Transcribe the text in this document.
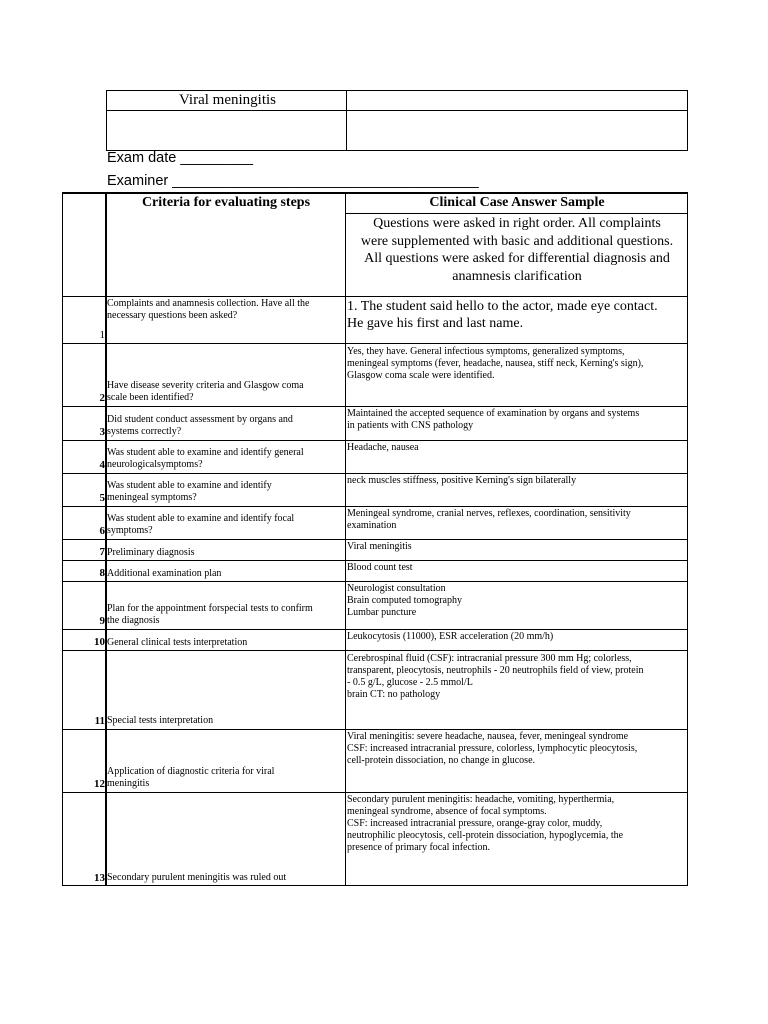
Viral meningitis
Exam date _________
Examiner ______________________________________
Criteria for evaluating steps	Clinical Case Answer Sample
Questions were asked in right order. All complaints
were supplemented with basic and additional questions.
All questions were asked for differential diagnosis and
anamnesis clarification
1
Complaints and anamnesis collection. Have all the
necessary questions been asked?
1. The student said hello to the actor, made eye contact.
He gave his first and last name.
2
Have disease severity criteria and Glasgow coma
scale been identified?
Yes, they have. General infectious symptoms, generalized symptoms,
meningeal symptoms (fever, headache, nausea, stiff neck, Kerning's sign),
Glasgow coma scale were identified.
3
Did student conduct assessment by organs and
systems correctly?
Maintained the accepted sequence of examination by organs and systems
in patients with CNS pathology
4
Was student able to examine and identify general
neurologicalsymptoms?
Headache, nausea
5
Was student able to examine and identify
meningeal symptoms?
neck muscles stiffness, positive Kerning's sign bilaterally
6
Was student able to examine and identify focal
symptoms?
Meningeal syndrome, cranial nerves, reflexes, coordination, sensitivity
examination
7 Preliminary diagnosis
Viral meningitis
8 Additional examination plan
Blood count test
9
Plan for the appointment forspecial tests to confirm
the diagnosis
Neurologist consultation
Brain computed tomography
Lumbar puncture
10 General clinical tests interpretation
Leukocytosis (11000), ESR acceleration (20 mm/h)
11 Special tests interpretation
Cerebrospinal fluid (CSF): intracranial pressure 300 mm Hg; colorless,
transparent, pleocytosis, neutrophils - 20 neutrophils field of view, protein
- 0.5 g/L, glucose - 2.5 mmol/L
brain CT: no pathology
12
Application of diagnostic criteria for viral
meningitis
Viral meningitis: severe headache, nausea, fever, meningeal syndrome
CSF: increased intracranial pressure, colorless, lymphocytic pleocytosis,
cell-protein dissociation, no change in glucose.
13 Secondary purulent meningitis was ruled out
Secondary purulent meningitis: headache, vomiting, hyperthermia,
meningeal syndrome, absence of focal symptoms.
CSF: increased intracranial pressure, orange-gray color, muddy,
neutrophilic pleocytosis, cell-protein dissociation, hypoglycemia, the
presence of primary focal infection.
